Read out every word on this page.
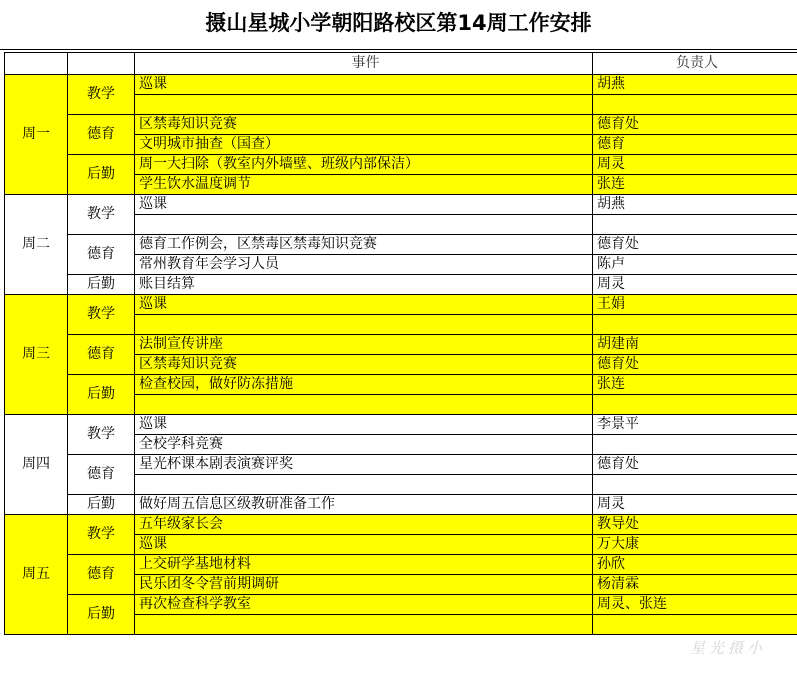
摄山星城小学朝阳路校区第14周工作安排
		事件	负责人
周一	教学	巡课	胡燕

	德育	区禁毒知识竞赛	德育处
		文明城市抽查（国查）	德育
	后勤	周一大扫除（教室内外墙壁、班级内部保洁）	周灵
		学生饮水温度调节	张连
周二	教学	巡课	胡燕

	德育	德育工作例会，区禁毒区禁毒知识竞赛	德育处
		常州教育年会学习人员	陈卢
	后勤	账目结算	周灵
周三	教学	巡课	王娟

	德育	法制宣传讲座	胡建南
		区禁毒知识竞赛	德育处
	后勤	检查校园，做好防冻措施	张连

周四	教学	巡课	李景平
		全校学科竞赛	
	德育	星光杯课本剧表演赛评奖	德育处

	后勤	做好周五信息区级教研准备工作	周灵
周五	教学	五年级家长会	教导处
		巡课	万大康
	德育	上交研学基地材料	孙欣
		民乐团冬令营前期调研	杨清霖
	后勤	再次检查科学教室	周灵、张连

星光摄小
